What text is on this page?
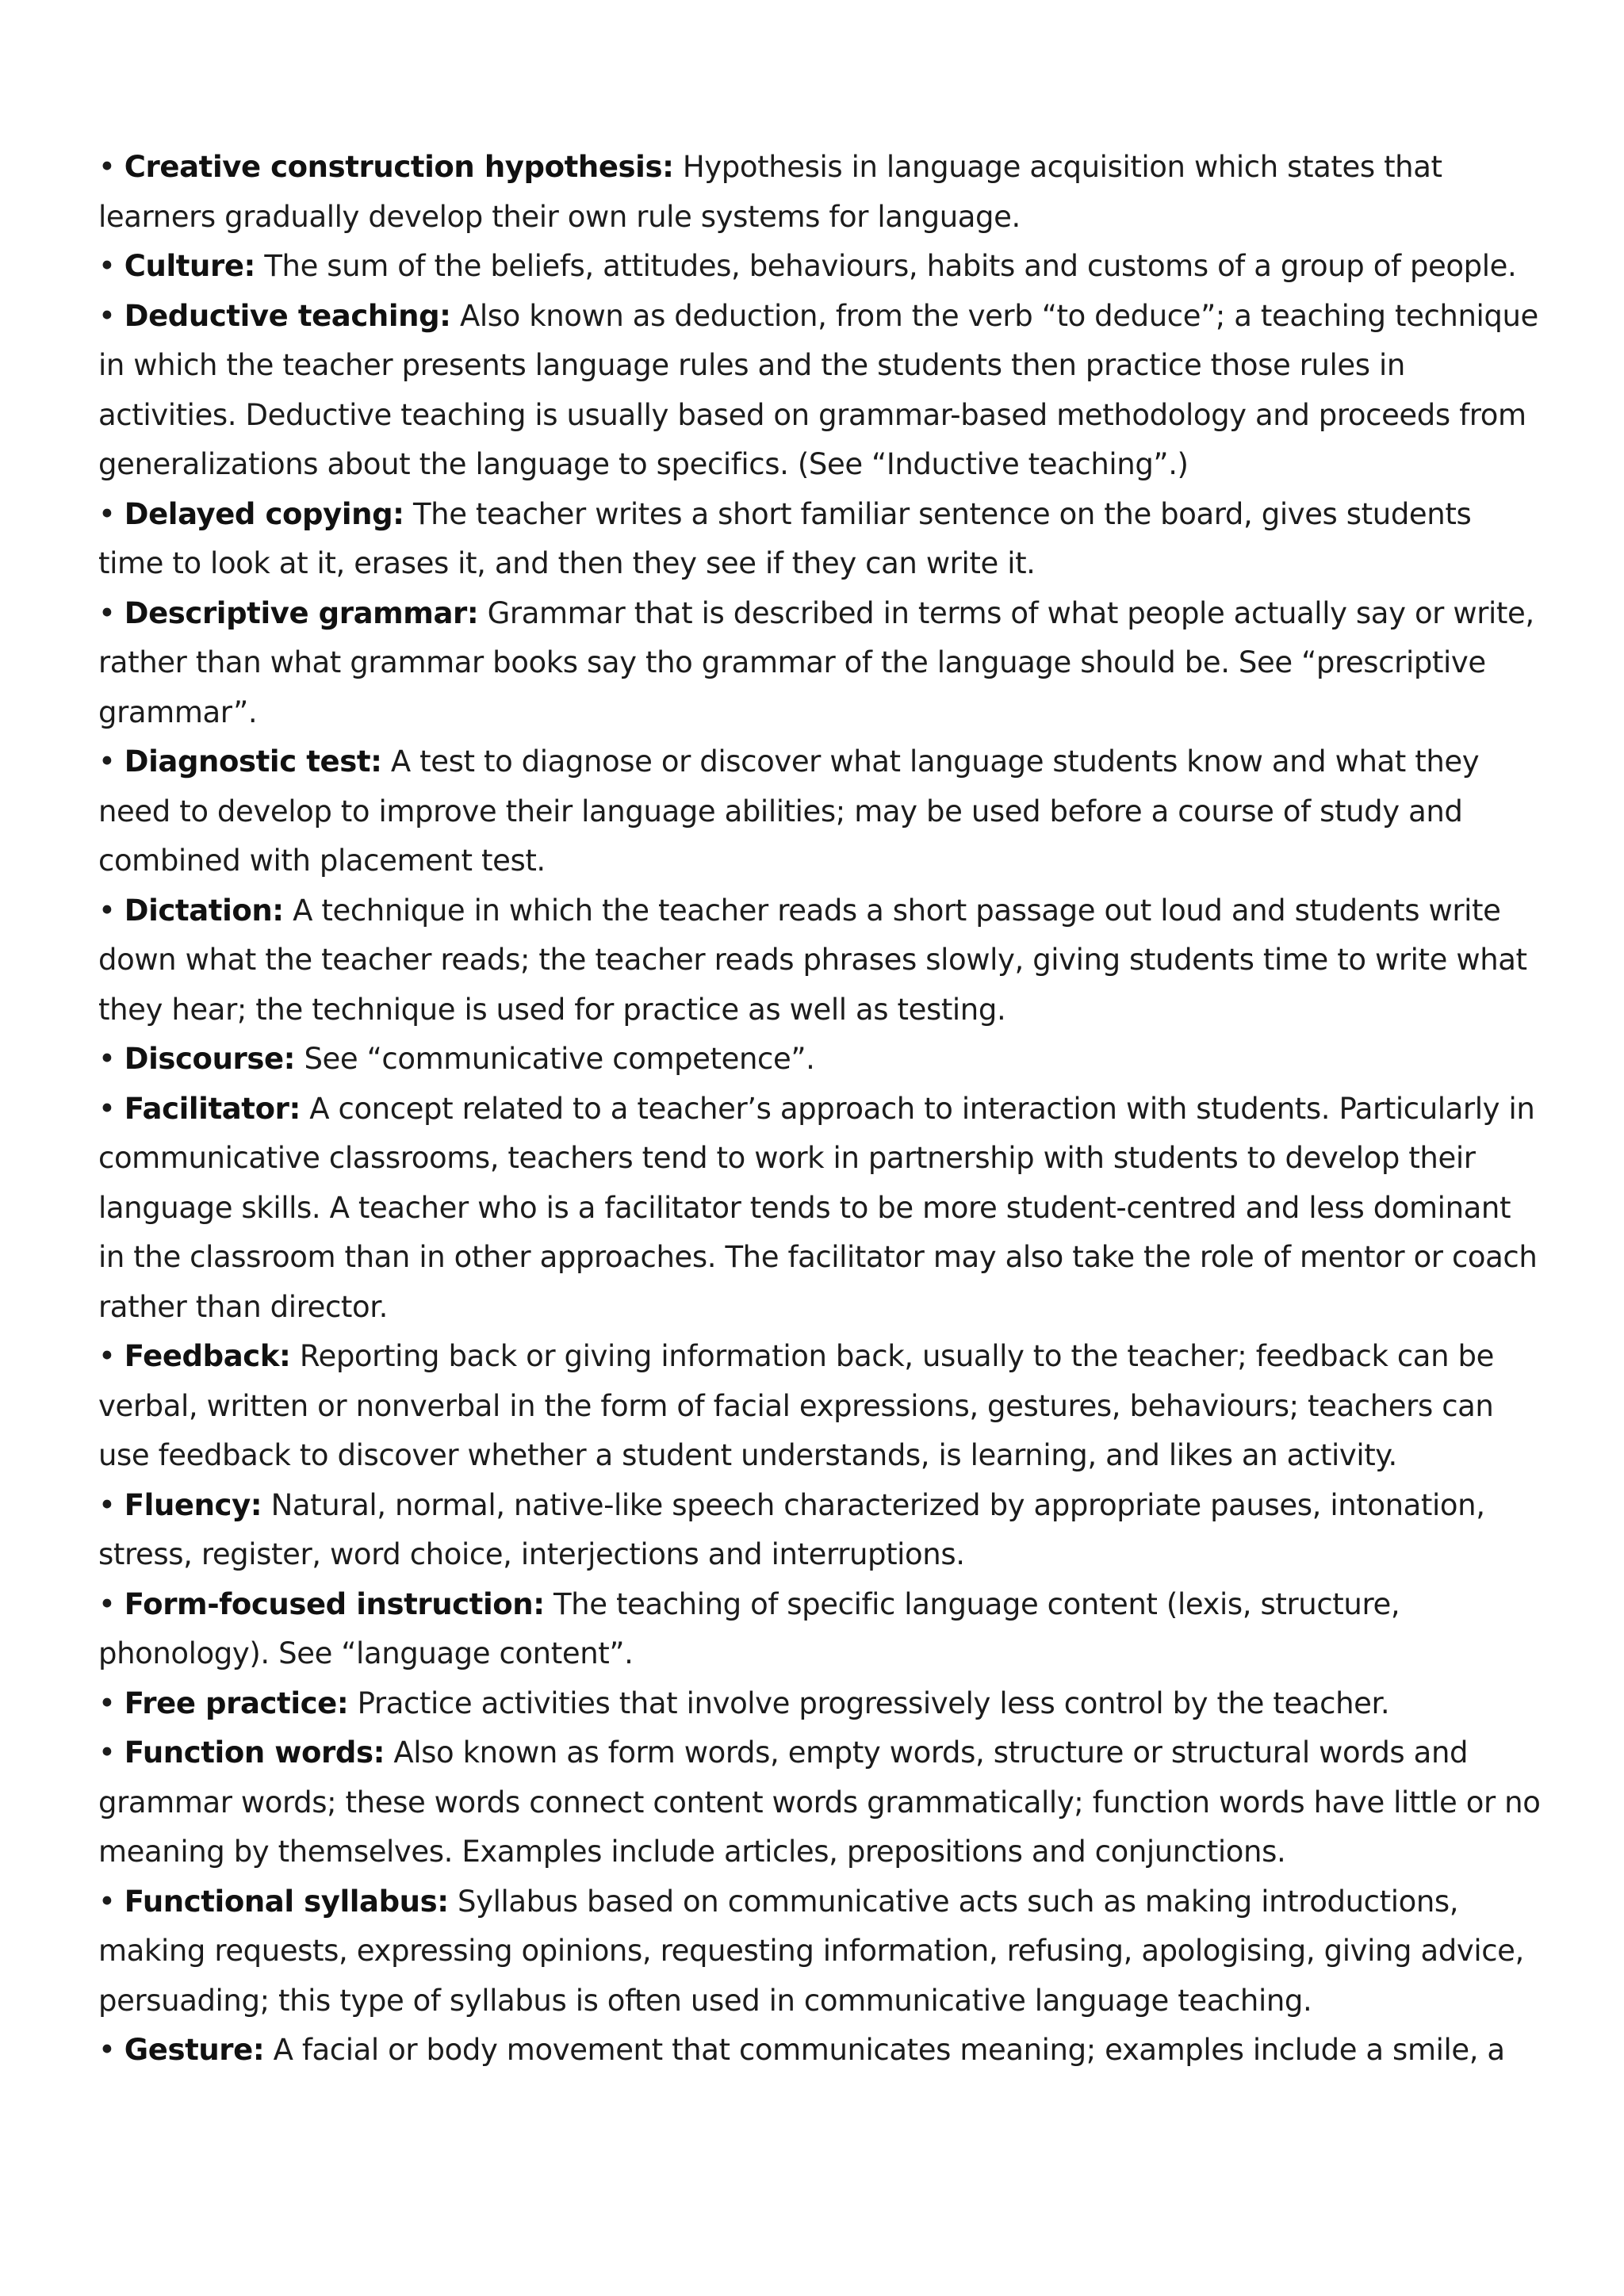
• Creative construction hypothesis: Hypothesis in language acquisition which states that learners gradually develop their own rule systems for language.

• Culture: The sum of the beliefs, attitudes, behaviours, habits and customs of a group of people.

• Deductive teaching: Also known as deduction, from the verb “to deduce”; a teaching technique in which the teacher presents language rules and the students then practice those rules in activities. Deductive teaching is usually based on grammar-based methodology and proceeds from generalizations about the language to specifics. (See “Inductive teaching”.)

• Delayed copying: The teacher writes a short familiar sentence on the board, gives students time to look at it, erases it, and then they see if they can write it.

• Descriptive grammar: Grammar that is described in terms of what people actually say or write, rather than what grammar books say tho grammar of the language should be. See “prescriptive grammar”.

• Diagnostic test: A test to diagnose or discover what language students know and what they need to develop to improve their language abilities; may be used before a course of study and combined with placement test.

• Dictation: A technique in which the teacher reads a short passage out loud and students write down what the teacher reads; the teacher reads phrases slowly, giving students time to write what they hear; the technique is used for practice as well as testing.

• Discourse: See “communicative competence”.

• Facilitator: A concept related to a teacher’s approach to interaction with students. Particularly in communicative classrooms, teachers tend to work in partnership with students to develop their language skills. A teacher who is a facilitator tends to be more student-centred and less dominant in the classroom than in other approaches. The facilitator may also take the role of mentor or coach rather than director.

• Feedback: Reporting back or giving information back, usually to the teacher; feedback can be verbal, written or nonverbal in the form of facial expressions, gestures, behaviours; teachers can use feedback to discover whether a student understands, is learning, and likes an activity.

• Fluency: Natural, normal, native-like speech characterized by appropriate pauses, intonation, stress, register, word choice, interjections and interruptions.

• Form-focused instruction: The teaching of specific language content (lexis, structure, phonology). See “language content”.

• Free practice: Practice activities that involve progressively less control by the teacher.

• Function words: Also known as form words, empty words, structure or structural words and grammar words; these words connect content words grammatically; function words have little or no meaning by themselves. Examples include articles, prepositions and conjunctions.

• Functional syllabus: Syllabus based on communicative acts such as making introductions, making requests, expressing opinions, requesting information, refusing, apologising, giving advice, persuading; this type of syllabus is often used in communicative language teaching.

• Gesture: A facial or body movement that communicates meaning; examples include a smile, a
